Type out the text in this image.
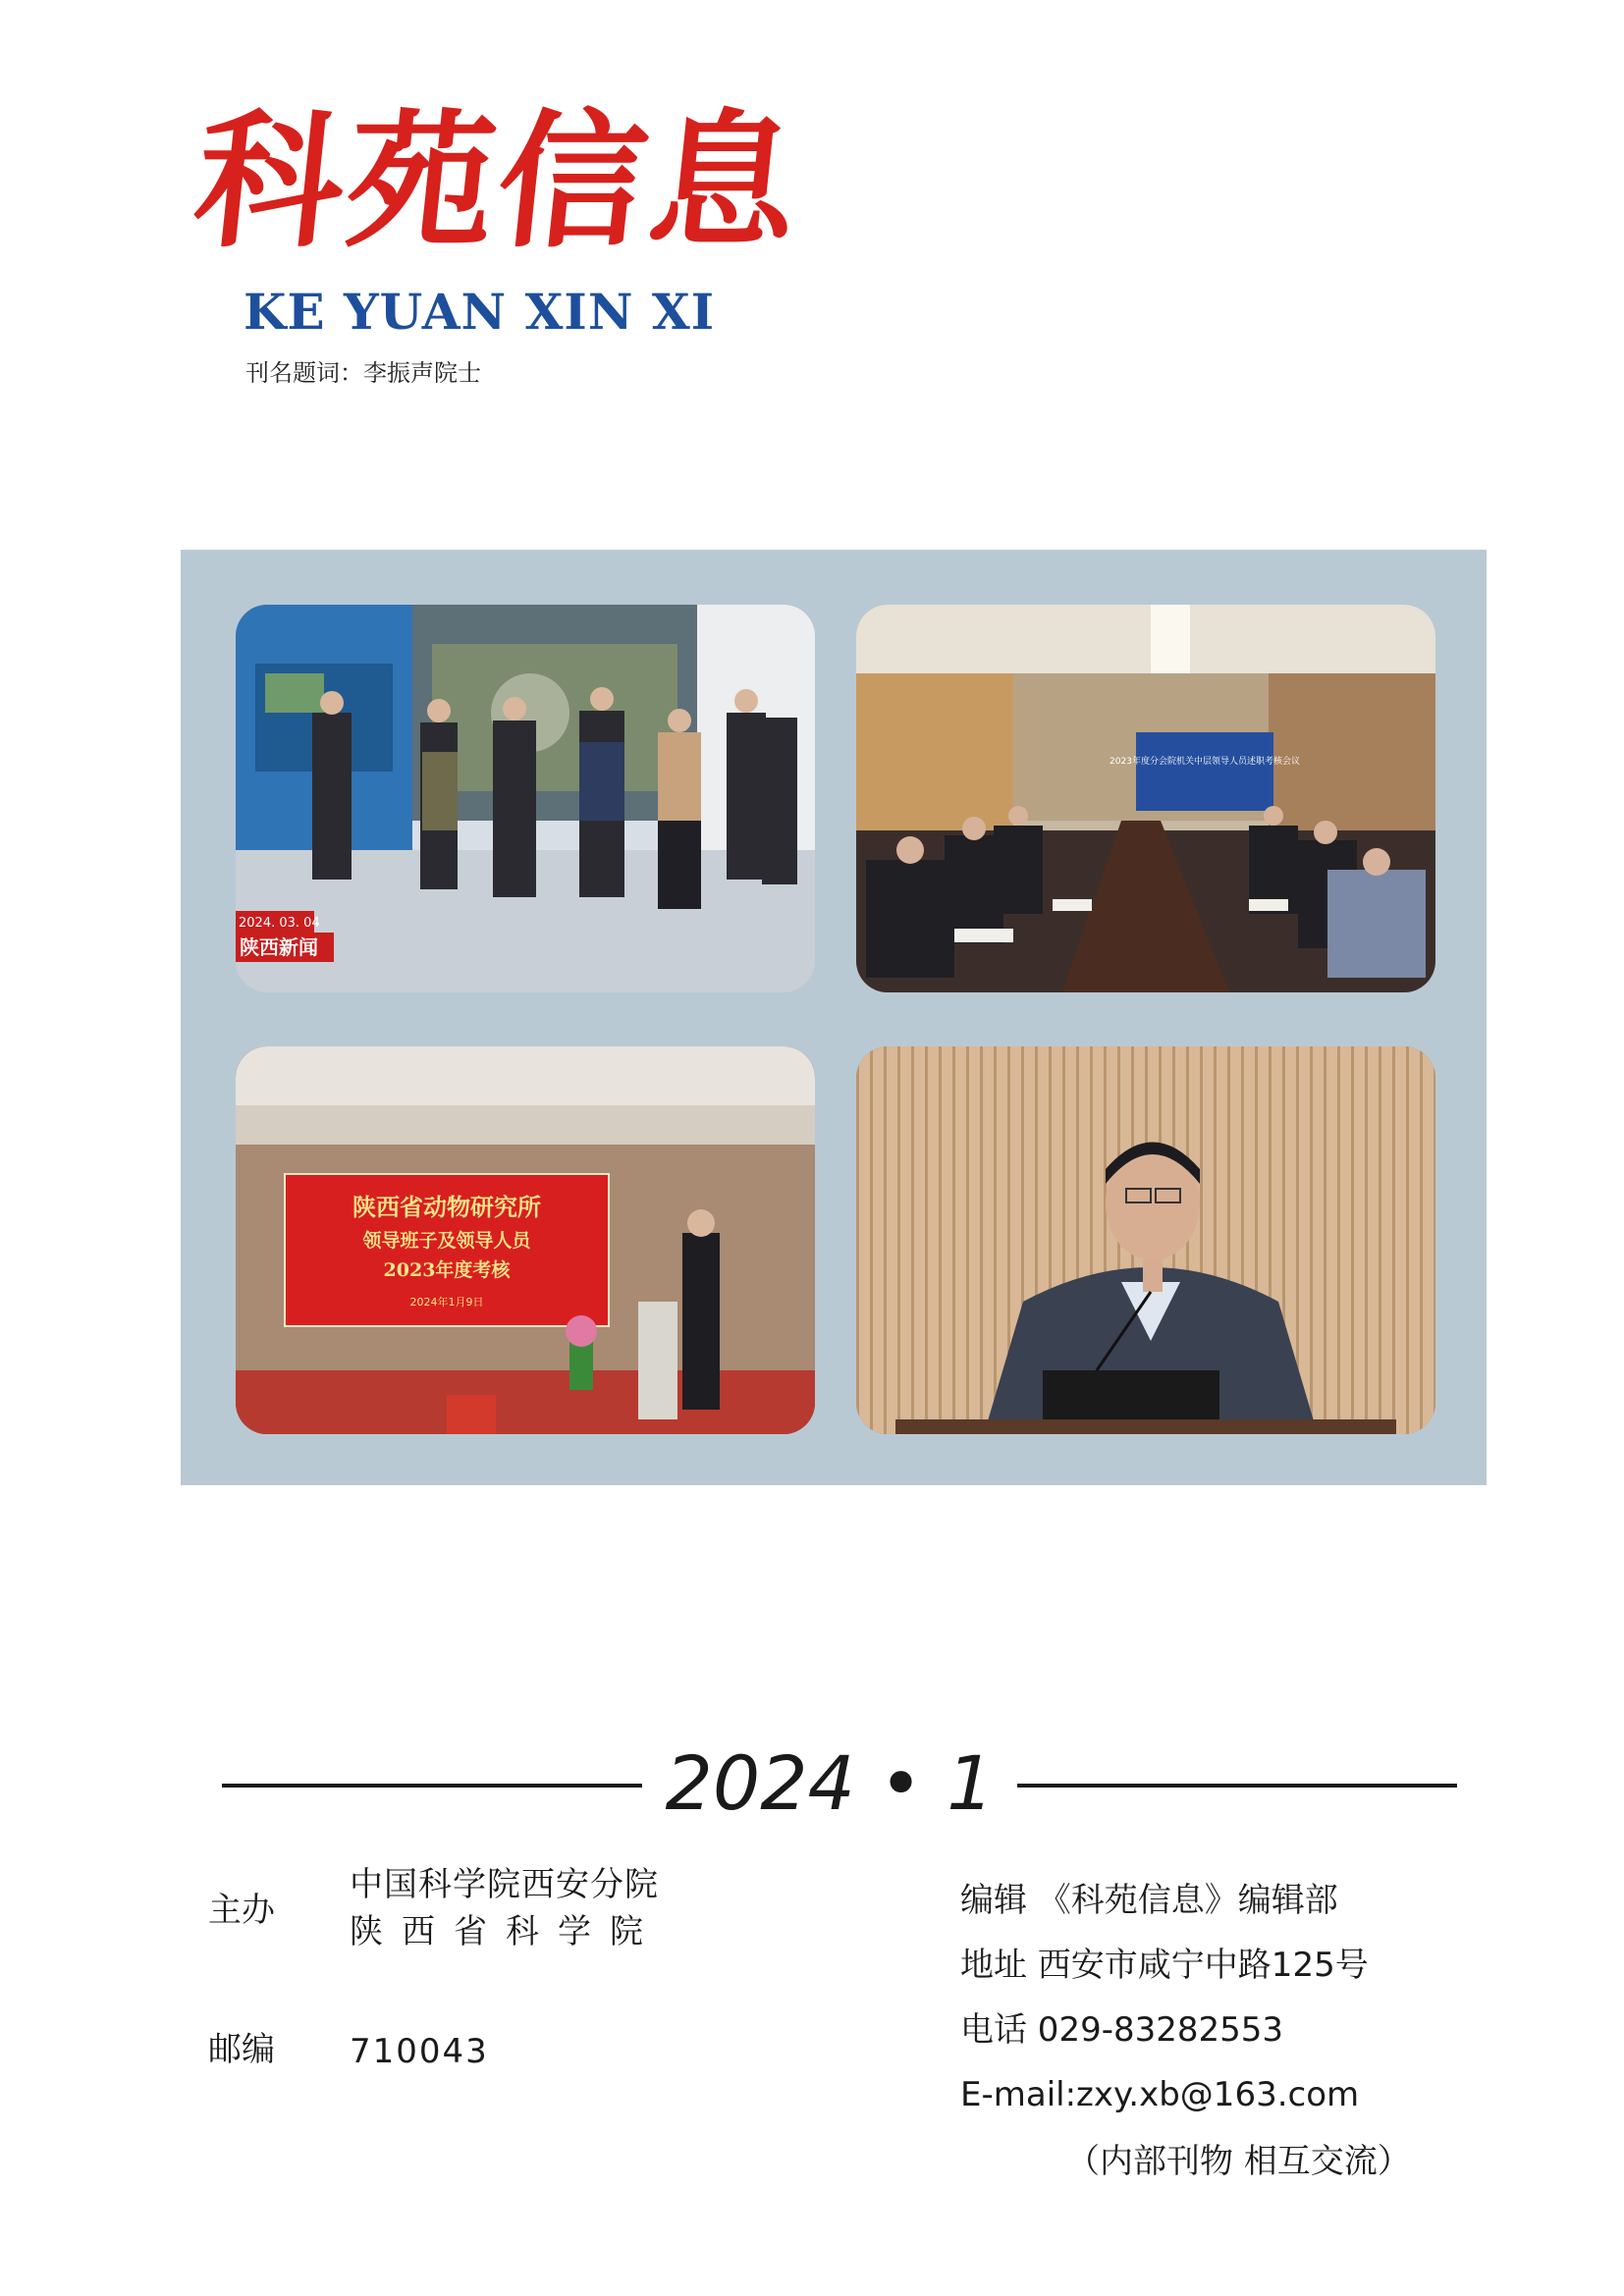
科苑信息
KE YUAN XIN XI
刊名题词：李振声院士
2024. 03. 04
陕西新闻
2023年度分会院机关中层领导人员述职考核会议
陕西省动物研究所
领导班子及领导人员
2023年度考核
2024年1月9日
2024 • 1
主办
中国科学院西安分院
陕西省科学院
邮编 710043
编辑 《科苑信息》编辑部
地址 西安市咸宁中路125号
电话 029-83282553
E-mail:zxy.xb@163.com
（内部刊物 相互交流）
